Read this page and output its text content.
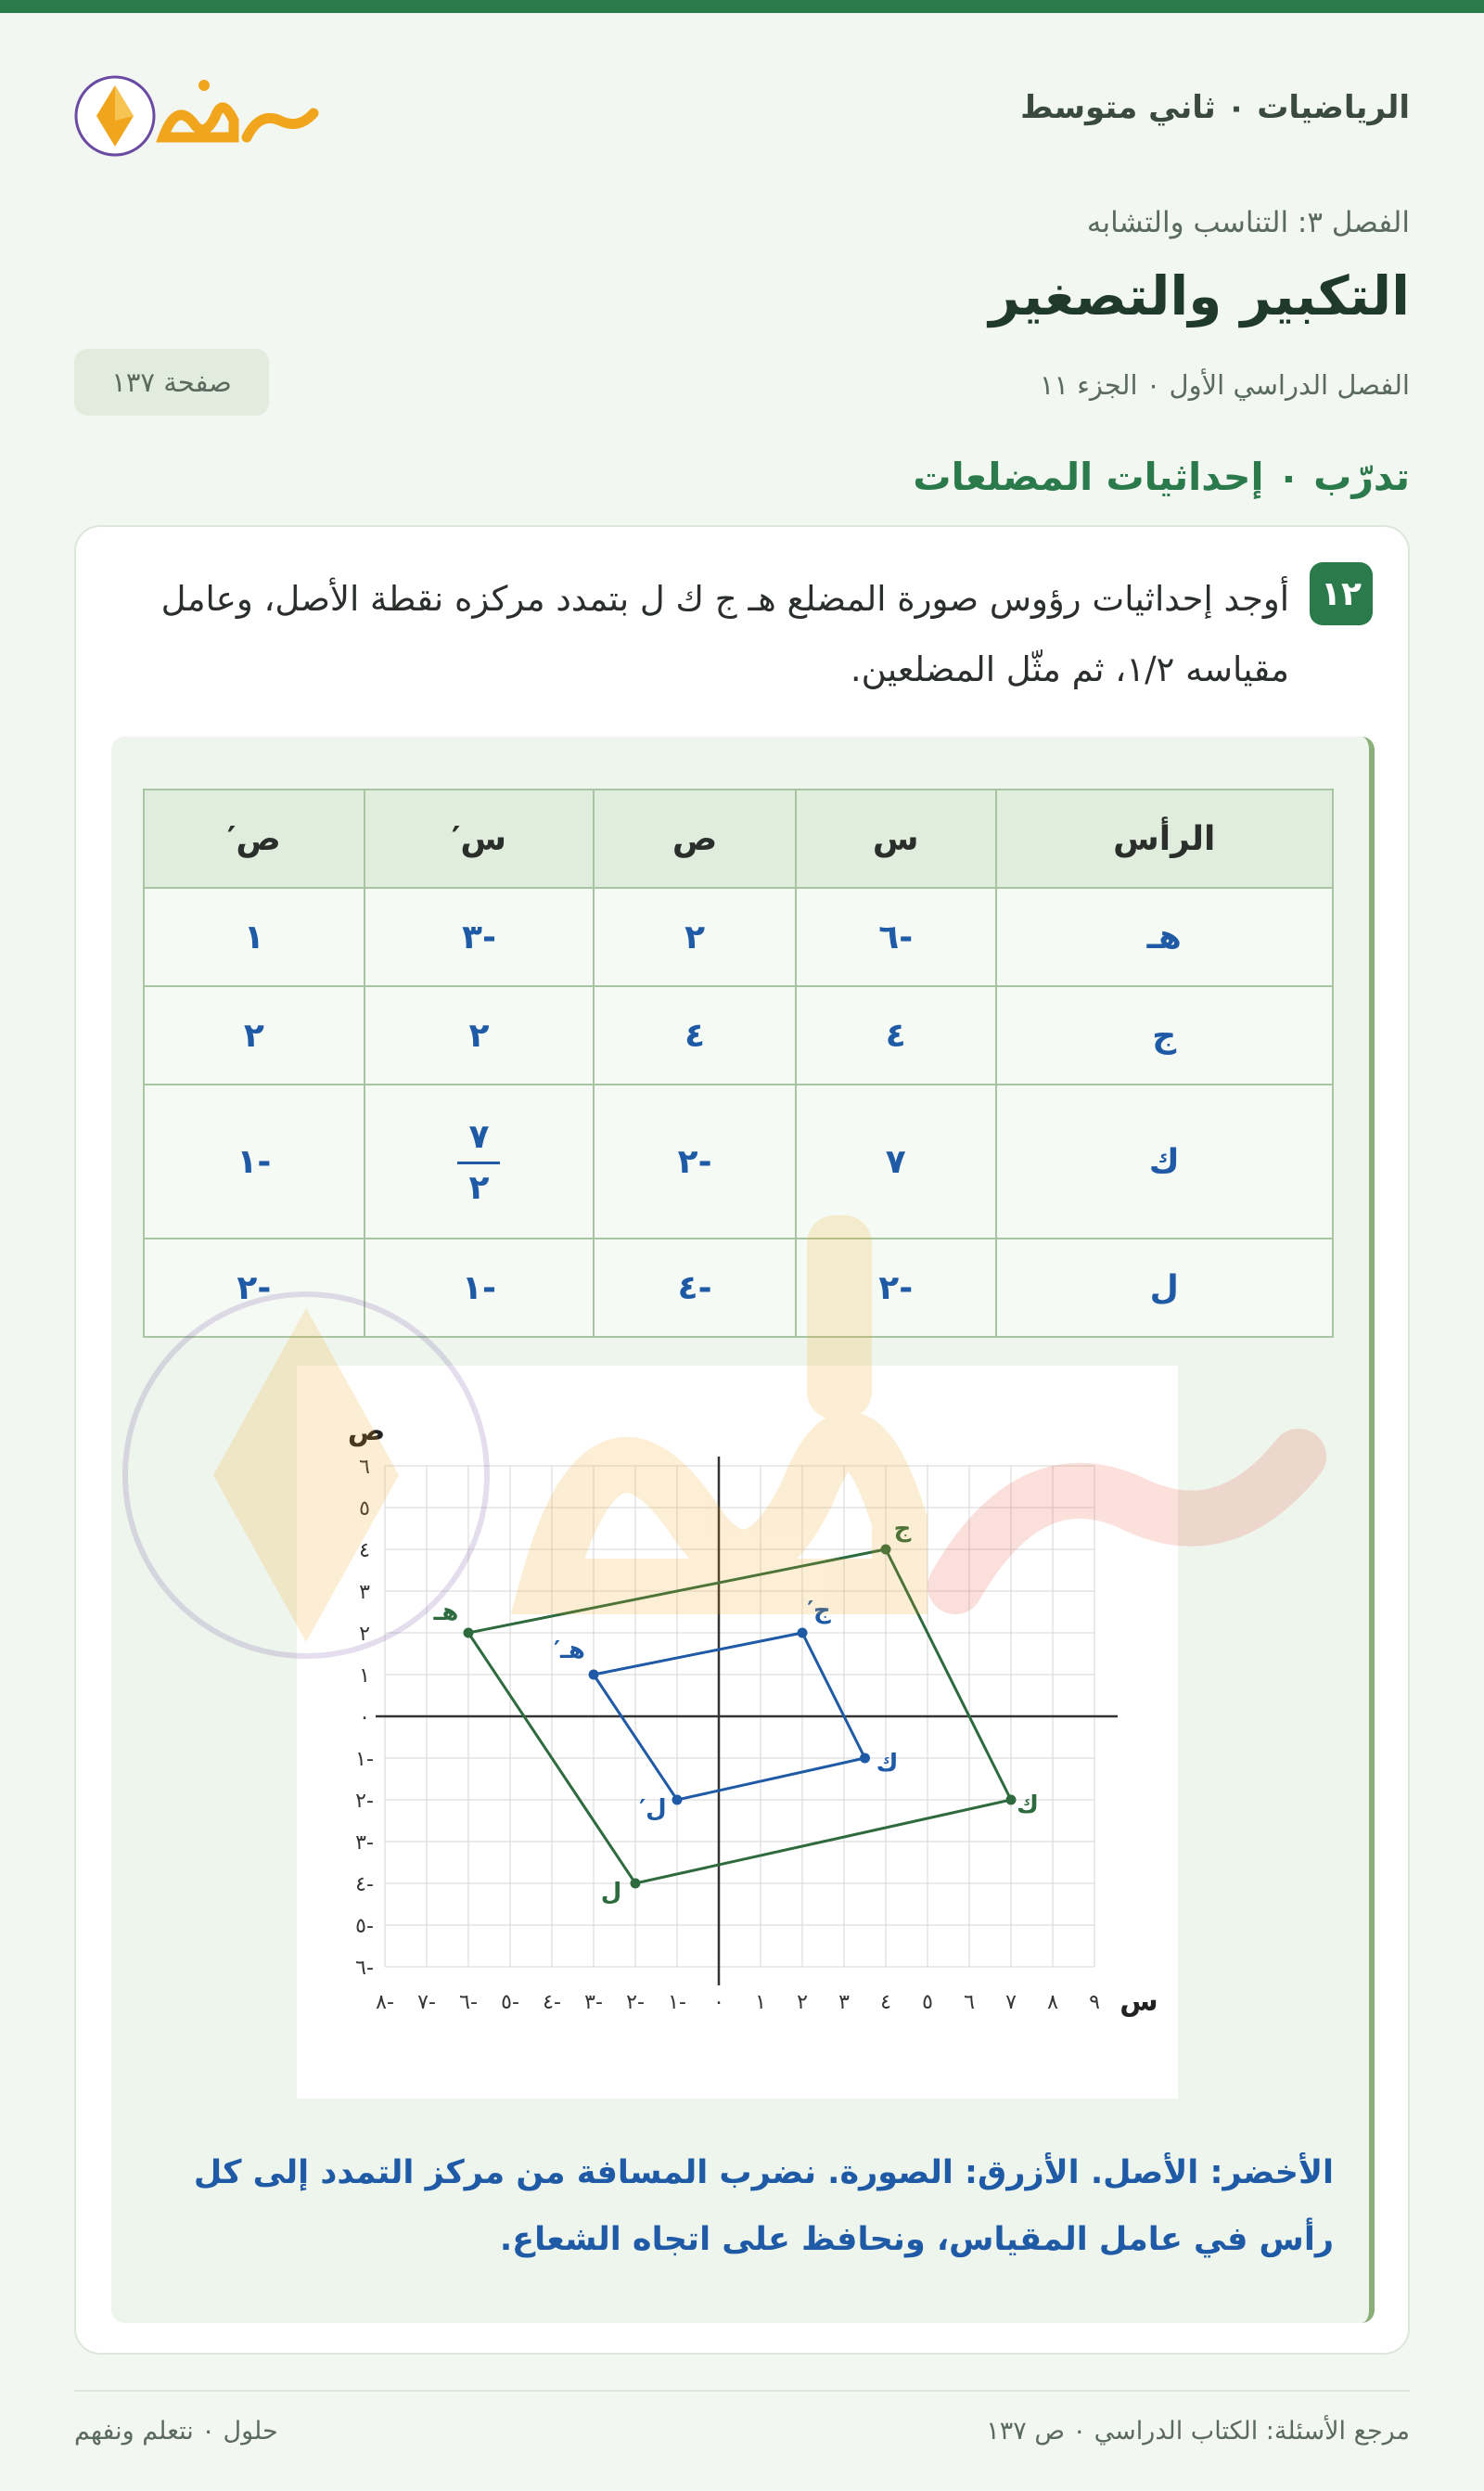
الرياضيات ٠ ثاني متوسط
الفصل ٣: التناسب والتشابه
التكبير والتصغير
الفصل الدراسي الأول ٠ الجزء ١١
صفحة ١٣٧
تدرّب ٠ إحداثيات المضلعات
١٢
أوجد إحداثيات رؤوس صورة المضلع هـ ج ك ل بتمدد مركزه نقطة الأصل، وعامل مقياسه ١/٢، ثم مثّل المضلعين.
الرأس	س	ص	س′	ص′
هـ	-٦	٢	-٣	١
ج	٤	٤	٢	٢
ك	٧	-٢	$\frac{٧}{٢}$	-١
ل	-٢	-٤	-١	-٢
-٨ -٧ -٦ -٥ -٤ -٣ -٢ -١ ٠ ١ ٢ ٣ ٤ ٥ ٦ ٧ ٨ ٩
-٦
-٥
-٤
-٣
-٢
-١
٠
١
٢
٣
٤
٥
٦
س
ص
هـ
ج
ك
ل
هـ′
ج′
ك
ل′
الأخضر: الأصل. الأزرق: الصورة. نضرب المسافة من مركز التمدد إلى كل رأس في عامل المقياس، ونحافظ على اتجاه الشعاع.
مرجع الأسئلة: الكتاب الدراسي ٠ ص ١٣٧
حلول ٠ نتعلم ونفهم
